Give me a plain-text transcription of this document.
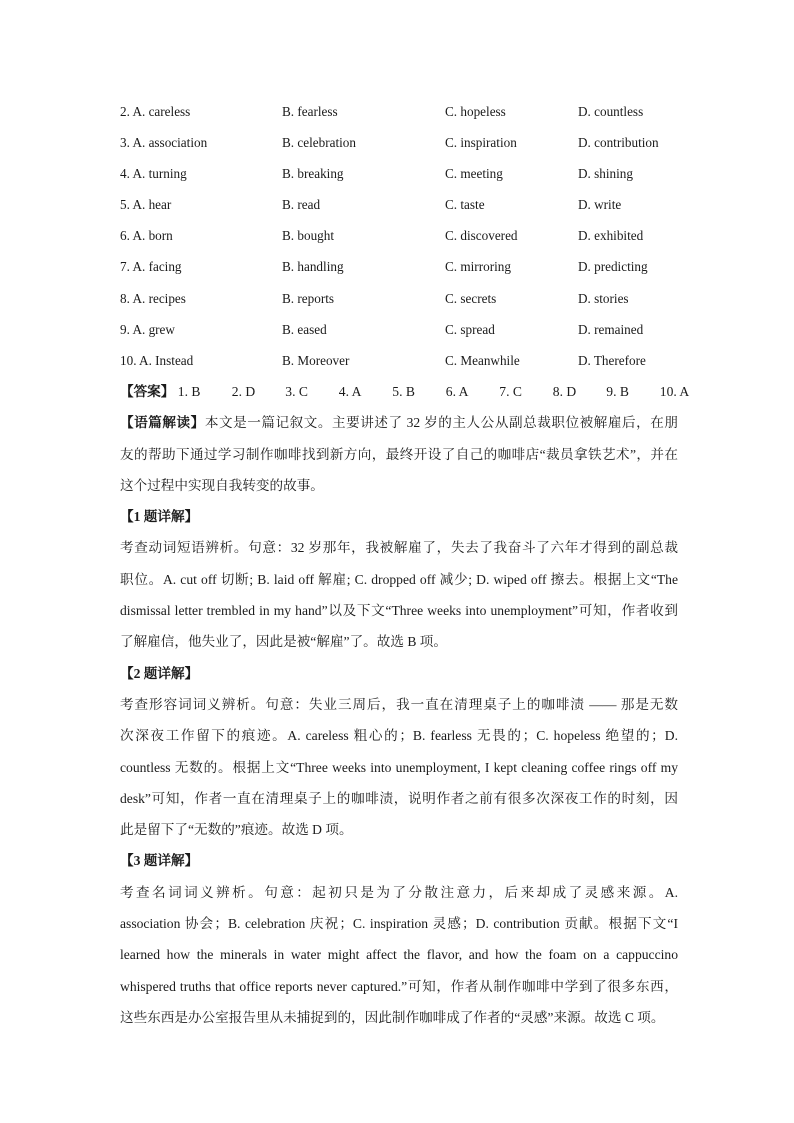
2. A. careless	B. fearless	C. hopeless	D. countless
3. A. association	B. celebration	C. inspiration	D. contribution
4. A. turning	B. breaking	C. meeting	D. shining
5. A. hear	B. read	C. taste	D. write
6. A. born	B. bought	C. discovered	D. exhibited
7. A. facing	B. handling	C. mirroring	D. predicting
8. A. recipes	B. reports	C. secrets	D. stories
9. A. grew	B. eased	C. spread	D. remained
10. A. Instead	B. Moreover	C. Meanwhile	D. Therefore
【答案】 1. B 2. D 3. C 4. A 5. B 6. A 7. C 8. D 9. B 10. A
【语篇解读】本文是一篇记叙文。主要讲述了 32 岁的主人公从副总裁职位被解雇后，在朋
友的帮助下通过学习制作咖啡找到新方向，最终开设了自己的咖啡店“裁员拿铁艺术”，并在
这个过程中实现自我转变的故事。
【1 题详解】
考查动词短语辨析。句意：32 岁那年，我被解雇了，失去了我奋斗了六年才得到的副总裁
职位。A. cut off 切断; B. laid off 解雇; C. dropped off 减少; D. wiped off 擦去。根据上文“The
dismissal letter trembled in my hand”以及下文“Three weeks into unemployment”可知，作者收到
了解雇信，他失业了，因此是被“解雇”了。故选 B 项。
【2 题详解】
考查形容词词义辨析。句意：失业三周后，我一直在清理桌子上的咖啡渍 —— 那是无数
次深夜工作留下的痕迹。A. careless 粗心的；B. fearless 无畏的；C. hopeless 绝望的；D.
countless 无数的。根据上文“Three weeks into unemployment, I kept cleaning coffee rings off my
desk”可知，作者一直在清理桌子上的咖啡渍，说明作者之前有很多次深夜工作的时刻，因
此是留下了“无数的”痕迹。故选 D 项。
【3 题详解】
考查名词词义辨析。句意：起初只是为了分散注意力，后来却成了灵感来源。A.
association 协会；B. celebration 庆祝；C. inspiration 灵感；D. contribution 贡献。根据下文“I
learned how the minerals in water might affect the flavor, and how the foam on a cappuccino
whispered truths that office reports never captured.”可知，作者从制作咖啡中学到了很多东西，
这些东西是办公室报告里从未捕捉到的，因此制作咖啡成了作者的“灵感”来源。故选 C 项。
